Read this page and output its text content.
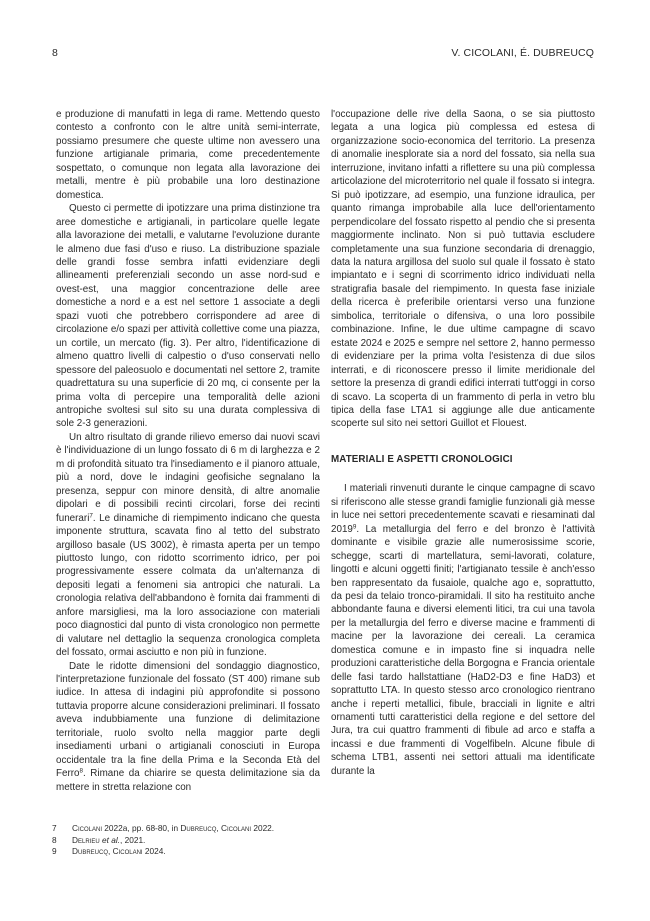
8	V. CICOLANI, É. DUBREUCQ

e produzione di manufatti in lega di rame. Mettendo questo contesto a confronto con le altre unità semi-interrate, possiamo presumere che queste ultime non avessero una funzione artigianale primaria, come precedentemente sospettato, o comunque non legata alla lavorazione dei metalli, mentre è più probabile una loro destinazione domestica.

Questo ci permette di ipotizzare una prima distinzione tra aree domestiche e artigianali, in particolare quelle legate alla lavorazione dei metalli, e valutarne l'evoluzione durante le almeno due fasi d'uso e riuso. La distribuzione spaziale delle grandi fosse sembra infatti evidenziare degli allineamenti preferenziali secondo un asse nord-sud e ovest-est, una maggior concentrazione delle aree domestiche a nord e a est nel settore 1 associate a degli spazi vuoti che potrebbero corrispondere ad aree di circolazione e/o spazi per attività collettive come una piazza, un cortile, un mercato (fig. 3). Per altro, l'identificazione di almeno quattro livelli di calpestio o d'uso conservati nello spessore del paleosuolo e documentati nel settore 2, tramite quadrettatura su una superficie di 20 mq, ci consente per la prima volta di percepire una temporalità delle azioni antropiche svoltesi sul sito su una durata complessiva di sole 2-3 generazioni.

Un altro risultato di grande rilievo emerso dai nuovi scavi è l'individuazione di un lungo fossato di 6 m di larghezza e 2 m di profondità situato tra l'insediamento e il pianoro attuale, più a nord, dove le indagini geofisiche segnalano la presenza, seppur con minore densità, di altre anomalie dipolari e di possibili recinti circolari, forse dei recinti funerari$^7$. Le dinamiche di riempimento indicano che questa imponente struttura, scavata fino al tetto del substrato argilloso basale (US 3002), è rimasta aperta per un tempo piuttosto lungo, con ridotto scorrimento idrico, per poi progressivamente essere colmata da un'alternanza di depositi legati a fenomeni sia antropici che naturali. La cronologia relativa dell'abbandono è fornita dai frammenti di anfore marsigliesi, ma la loro associazione con materiali poco diagnostici dal punto di vista cronologico non permette di valutare nel dettaglio la sequenza cronologica completa del fossato, ormai asciutto e non più in funzione.

Date le ridotte dimensioni del sondaggio diagnostico, l'interpretazione funzionale del fossato (ST 400) rimane sub iudice. In attesa di indagini più approfondite si possono tuttavia proporre alcune considerazioni preliminari. Il fossato aveva indubbiamente una funzione di delimitazione territoriale, ruolo svolto nella maggior parte degli insediamenti urbani o artigianali conosciuti in Europa occidentale tra la fine della Prima e la Seconda Età del Ferro$^8$. Rimane da chiarire se questa delimitazione sia da mettere in stretta relazione con

l'occupazione delle rive della Saona, o se sia piuttosto legata a una logica più complessa ed estesa di organizzazione socio-economica del territorio. La presenza di anomalie inesplorate sia a nord del fossato, sia nella sua interruzione, invitano infatti a riflettere su una più complessa articolazione del microterritorio nel quale il fossato si integra. Si può ipotizzare, ad esempio, una funzione idraulica, per quanto rimanga improbabile alla luce dell'orientamento perpendicolare del fossato rispetto al pendio che si presenta maggiormente inclinato. Non si può tuttavia escludere completamente una sua funzione secondaria di drenaggio, data la natura argillosa del suolo sul quale il fossato è stato impiantato e i segni di scorrimento idrico individuati nella stratigrafia basale del riempimento. In questa fase iniziale della ricerca è preferibile orientarsi verso una funzione simbolica, territoriale o difensiva, o una loro possibile combinazione. Infine, le due ultime campagne di scavo estate 2024 e 2025 e sempre nel settore 2, hanno permesso di evidenziare per la prima volta l'esistenza di due silos interrati, e di riconoscere presso il limite meridionale del settore la presenza di grandi edifici interrati tutt'oggi in corso di scavo. La scoperta di un frammento di perla in vetro blu tipica della fase LTA1 si aggiunge alle due anticamente scoperte sul sito nei settori Guillot et Flouest.

MATERIALI E ASPETTI CRONOLOGICI

I materiali rinvenuti durante le cinque campagne di scavo si riferiscono alle stesse grandi famiglie funzionali già messe in luce nei settori precedentemente scavati e riesaminati dal 2019$^9$. La metallurgia del ferro e del bronzo è l'attività dominante e visibile grazie alle numerosissime scorie, schegge, scarti di martellatura, semi-lavorati, colature, lingotti e alcuni oggetti finiti; l'artigianato tessile è anch'esso ben rappresentato da fusaiole, qualche ago e, soprattutto, da pesi da telaio tronco-piramidali. Il sito ha restituito anche abbondante fauna e diversi elementi litici, tra cui una tavola per la metallurgia del ferro e diverse macine e frammenti di macine per la lavorazione dei cereali. La ceramica domestica comune e in impasto fine si inquadra nelle produzioni caratteristiche della Borgogna e Francia orientale delle fasi tardo hallstattiane (HaD2-D3 e fine HaD3) et soprattutto LTA. In questo stesso arco cronologico rientrano anche i reperti metallici, fibule, bracciali in lignite e altri ornamenti tutti caratteristici della regione e del settore del Jura, tra cui quattro frammenti di fibule ad arco e staffa a incassi e due frammenti di Vogelfibeln. Alcune fibule di schema LTB1, assenti nei settori attuali ma identificate durante la

7	Cicolani 2022a, pp. 68-80, in Dubreucq, Cicolani 2022.
8	Delrieu et al., 2021.
9	Dubreucq, Cicolani 2024.
